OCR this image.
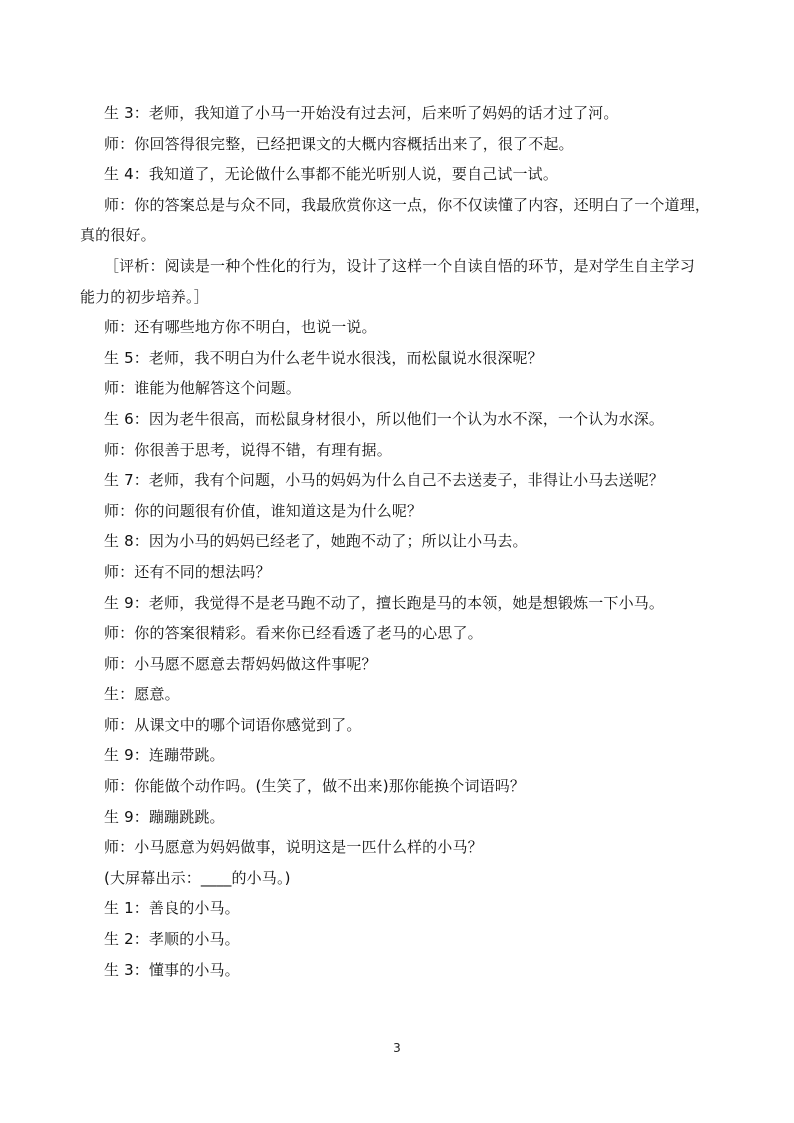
生 3：老师，我知道了小马一开始没有过去河，后来听了妈妈的话才过了河。
师：你回答得很完整，已经把课文的大概内容概括出来了，很了不起。
生 4：我知道了，无论做什么事都不能光听别人说，要自己试一试。
师：你的答案总是与众不同，我最欣赏你这一点，你不仅读懂了内容，还明白了一个道理，
真的很好。
［评析：阅读是一种个性化的行为，设计了这样一个自读自悟的环节，是对学生自主学习
能力的初步培养。］
师：还有哪些地方你不明白，也说一说。
生 5：老师，我不明白为什么老牛说水很浅，而松鼠说水很深呢？
师：谁能为他解答这个问题。
生 6：因为老牛很高，而松鼠身材很小，所以他们一个认为水不深，一个认为水深。
师：你很善于思考，说得不错，有理有据。
生 7：老师，我有个问题，小马的妈妈为什么自己不去送麦子，非得让小马去送呢？
师：你的问题很有价值，谁知道这是为什么呢？
生 8：因为小马的妈妈已经老了，她跑不动了；所以让小马去。
师：还有不同的想法吗？
生 9：老师，我觉得不是老马跑不动了，擅长跑是马的本领，她是想锻炼一下小马。
师：你的答案很精彩。看来你已经看透了老马的心思了。
师：小马愿不愿意去帮妈妈做这件事呢？
生：愿意。
师：从课文中的哪个词语你感觉到了。
生 9：连蹦带跳。
师：你能做个动作吗。(生笑了，做不出来)那你能换个词语吗？
生 9：蹦蹦跳跳。
师：小马愿意为妈妈做事，说明这是一匹什么样的小马？
(大屏幕出示：____的小马。)
生 1：善良的小马。
生 2：孝顺的小马。
生 3：懂事的小马。
3
